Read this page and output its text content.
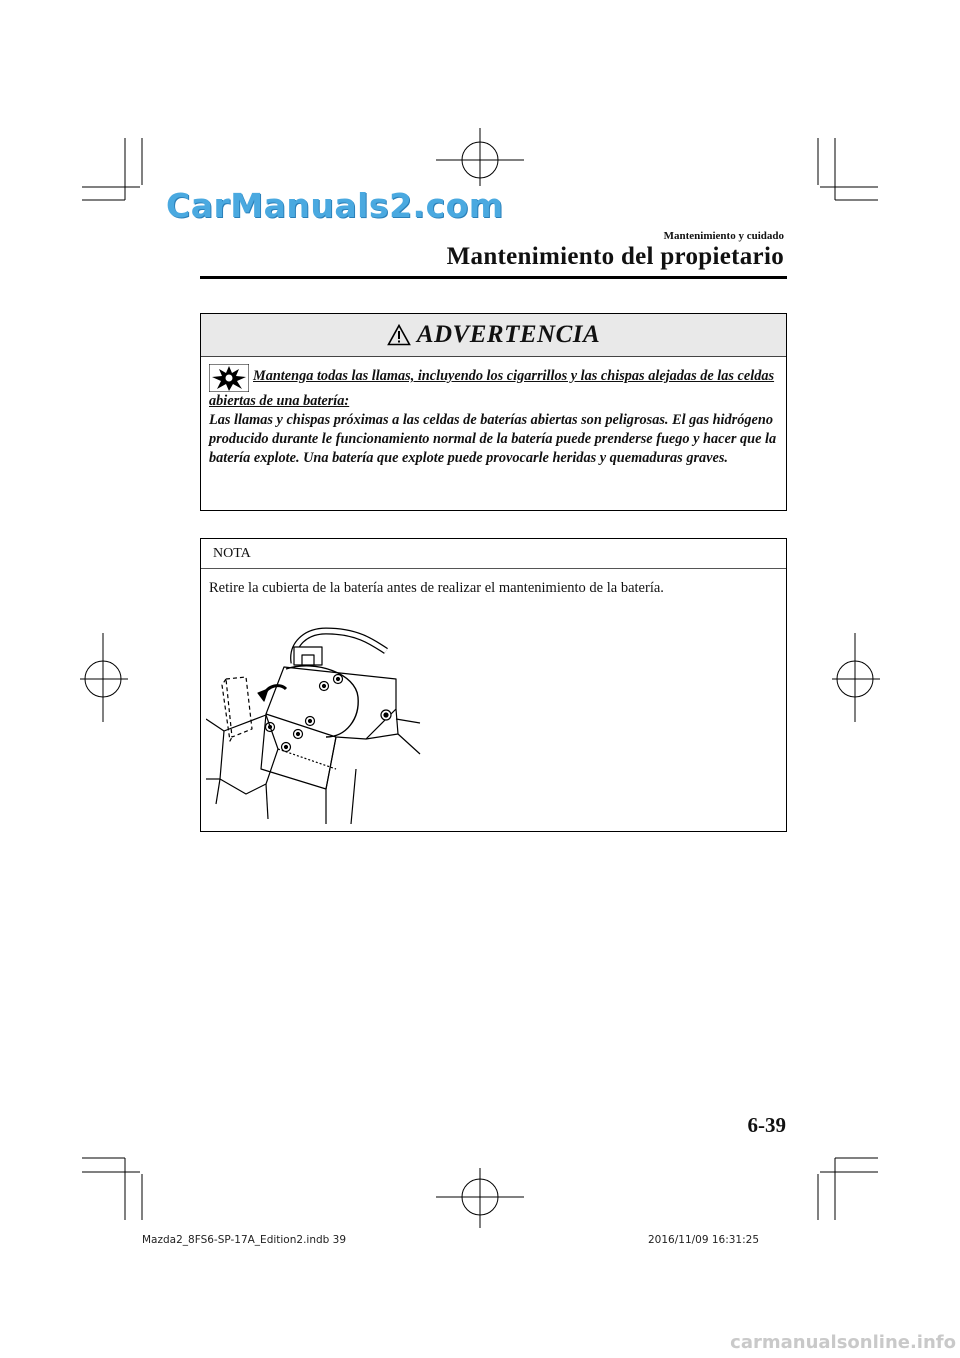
CarManuals2.com
Mantenimiento y cuidado
Mantenimiento del propietario
ADVERTENCIA
Mantenga todas las llamas, incluyendo los cigarrillos y las chispas alejadas de las celdas abiertas de una batería:
Las llamas y chispas próximas a las celdas de baterías abiertas son peligrosas. El gas hidrógeno producido durante le funcionamiento normal de la batería puede prenderse fuego y hacer que la batería explote. Una batería que explote puede provocarle heridas y quemaduras graves.
NOTA
Retire la cubierta de la batería antes de realizar el mantenimiento de la batería.
6-39
Mazda2_8FS6-SP-17A_Edition2.indb 39	2016/11/09 16:31:25
carmanualsonline.info
